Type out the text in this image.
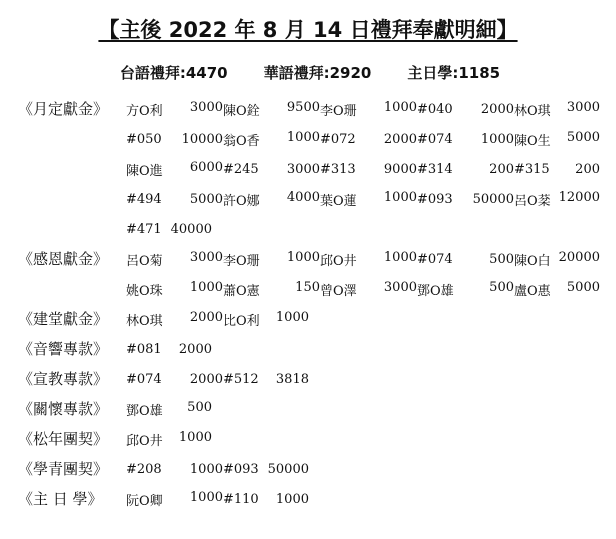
【主後 2022 年 8 月 14 日禮拜奉獻明細】
台語禮拜:4470 華語禮拜:2920 主日學:1185
《月定獻金》	方O利 3000 陳O銓 9500 李O珊 1000 #040 2000 林O琪 3000
#050 10000 翁O香 1000 #072 2000 #074 1000 陳O生 5000
陳O進 6000 #245 3000 #313 9000 #314	200 #315 200
#494 5000 許O娜 4000 葉O蓮 1000 #093 50000 呂O棻 12000
#471 40000
《感恩獻金》	呂O菊 3000 李O珊 1000 邱O井 1000 #074	500 陳O白 20000
姚O珠 1000 蕭O憲	150 曾O澤 3000 鄧O雄	500 盧O惠 5000
《建堂獻金》	林O琪 2000 比O利 1000
《音響專款》	#081 2000
《宣教專款》	#074 2000 #512 3818
《關懷專款》	鄧O雄 500
《松年團契》	邱O井 1000
《學青團契》	#208 1000 #093 50000
《主 日 學》	阮O卿 1000 #110 1000
